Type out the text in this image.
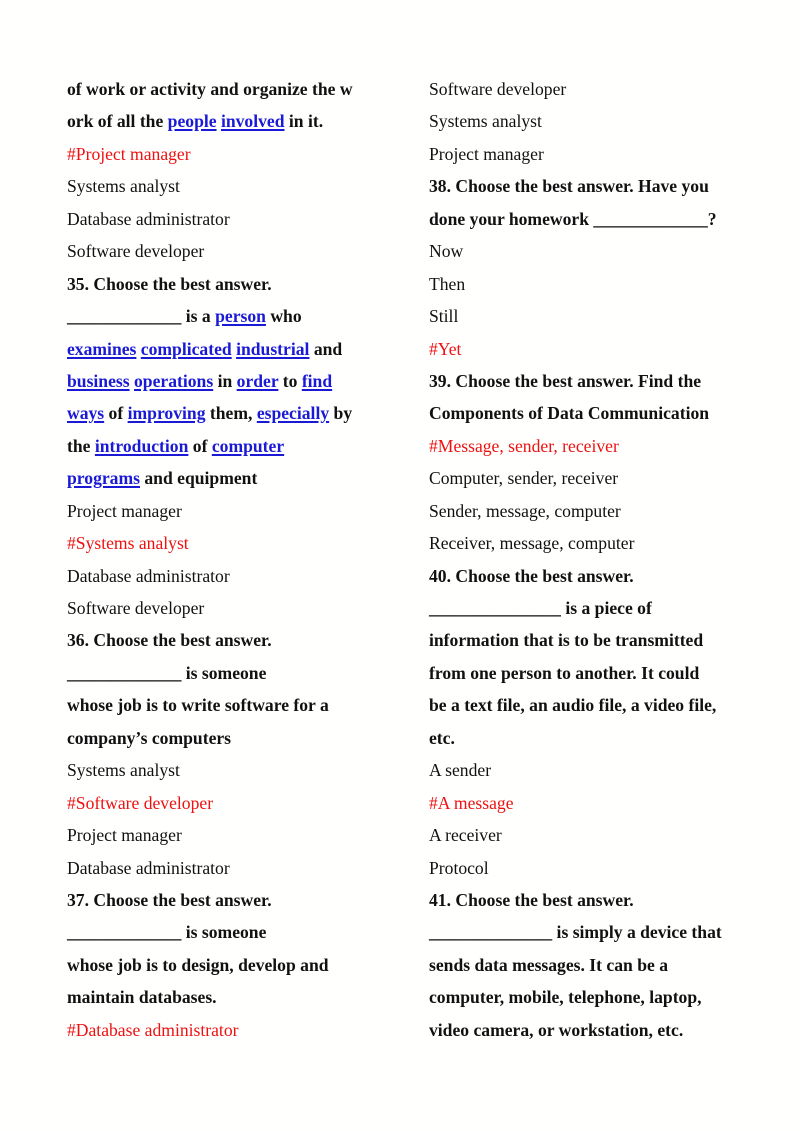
of work or activity and organize the w
ork of all the people involved in it.
#Project manager
Systems analyst
Database administrator
Software developer
35. Choose the best answer.
_____________ is a person who
examines complicated industrial and
business operations in order to find
ways of improving them, especially by
the introduction of computer
programs and equipment
Project manager
#Systems analyst
Database administrator
Software developer
36. Choose the best answer.
_____________ is someone
whose job is to write software for a
company’s computers
Systems analyst
#Software developer
Project manager
Database administrator
37. Choose the best answer.
_____________ is someone
whose job is to design, develop and
maintain databases.
#Database administrator
Software developer
Systems analyst
Project manager
38. Choose the best answer. Have you
done your homework _____________?
Now
Then
Still
#Yet
39. Choose the best answer. Find the
Components of Data Communication
#Message, sender, receiver
Computer, sender, receiver
Sender, message, computer
Receiver, message, computer
40. Choose the best answer.
_______________ is a piece of
information that is to be transmitted
from one person to another. It could
be a text file, an audio file, a video file,
etc.
A sender
#A message
A receiver
Protocol
41. Choose the best answer.
______________ is simply a device that
sends data messages. It can be a
computer, mobile, telephone, laptop,
video camera, or workstation, etc.
